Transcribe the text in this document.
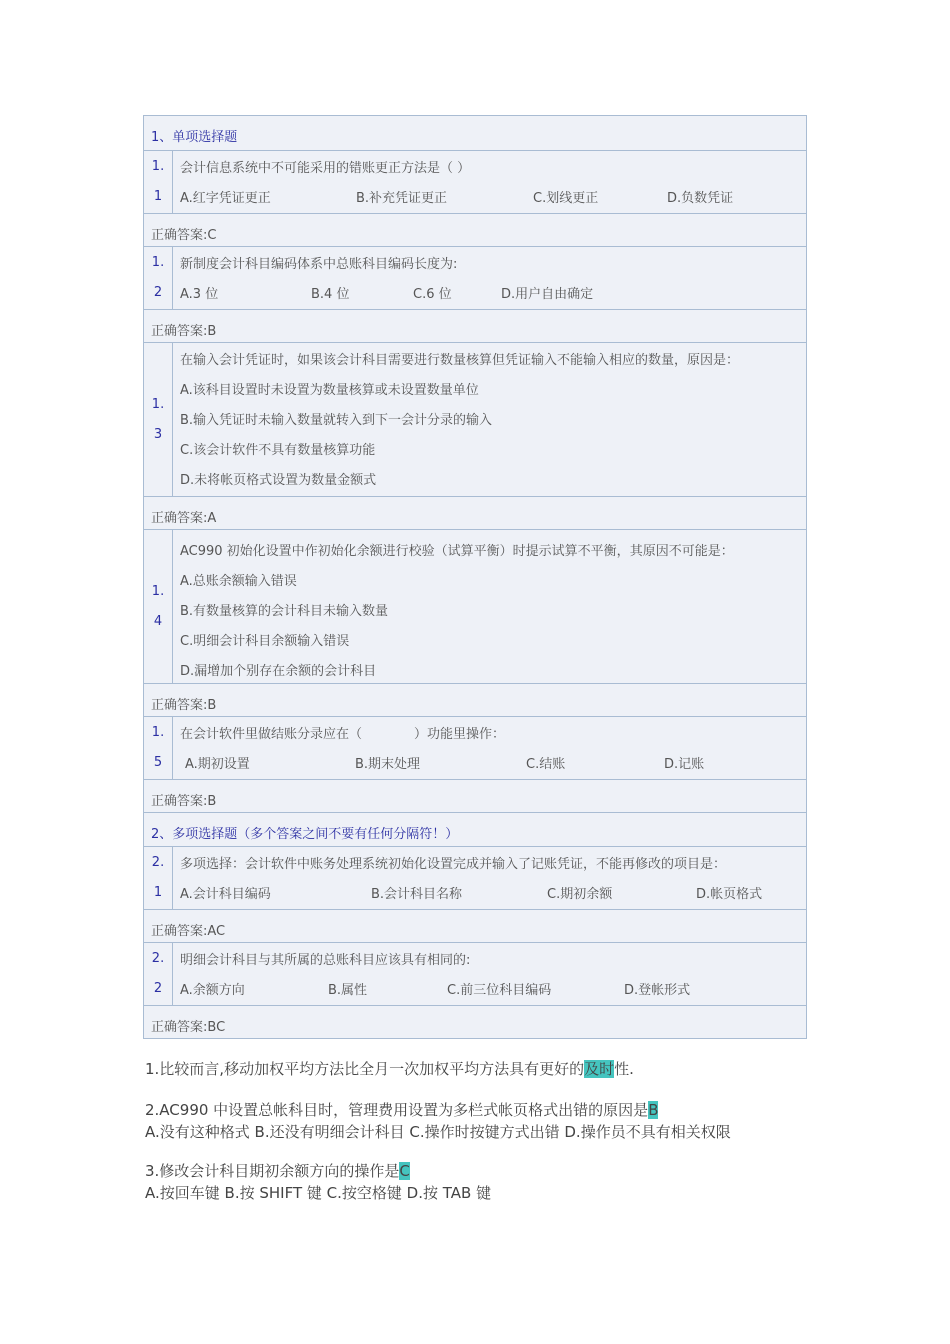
1、单项选择题
1.
1
会计信息系统中不可能采用的错账更正方法是（ ）
A.红字凭证更正	B.补充凭证更正	C.划线更正	D.负数凭证
正确答案:C
1.
2
新制度会计科目编码体系中总账科目编码长度为:
A.3 位	B.4 位	C.6 位	D.用户自由确定
正确答案:B
1.
3
在输入会计凭证时，如果该会计科目需要进行数量核算但凭证输入不能输入相应的数量，原因是：
A.该科目设置时未设置为数量核算或未设置数量单位
B.输入凭证时未输入数量就转入到下一会计分录的输入
C.该会计软件不具有数量核算功能
D.未将帐页格式设置为数量金额式
正确答案:A
1.
4
AC990 初始化设置中作初始化余额进行校验（试算平衡）时提示试算不平衡，其原因不可能是：
A.总账余额输入错误
B.有数量核算的会计科目未输入数量
C.明细会计科目余额输入错误
D.漏增加个别存在余额的会计科目
正确答案:B
1.
5
在会计软件里做结账分录应在（　　　　）功能里操作：
A.期初设置	B.期末处理	C.结账	D.记账
正确答案:B
2、多项选择题（多个答案之间不要有任何分隔符！）
2.
1
多项选择：会计软件中账务处理系统初始化设置完成并输入了记账凭证，不能再修改的项目是：
A.会计科目编码	B.会计科目名称	C.期初余额	D.帐页格式
正确答案:AC
2.
2
明细会计科目与其所属的总账科目应该具有相同的:
A.余额方向	B.属性	C.前三位科目编码	D.登帐形式
正确答案:BC
1.比较而言,移动加权平均方法比全月一次加权平均方法具有更好的及时性.
2.AC990 中设置总帐科目时，管理费用设置为多栏式帐页格式出错的原因是B
A.没有这种格式 B.还没有明细会计科目 C.操作时按键方式出错 D.操作员不具有相关权限
3.修改会计科目期初余额方向的操作是C
A.按回车键 B.按 SHIFT 键 C.按空格键 D.按 TAB 键
